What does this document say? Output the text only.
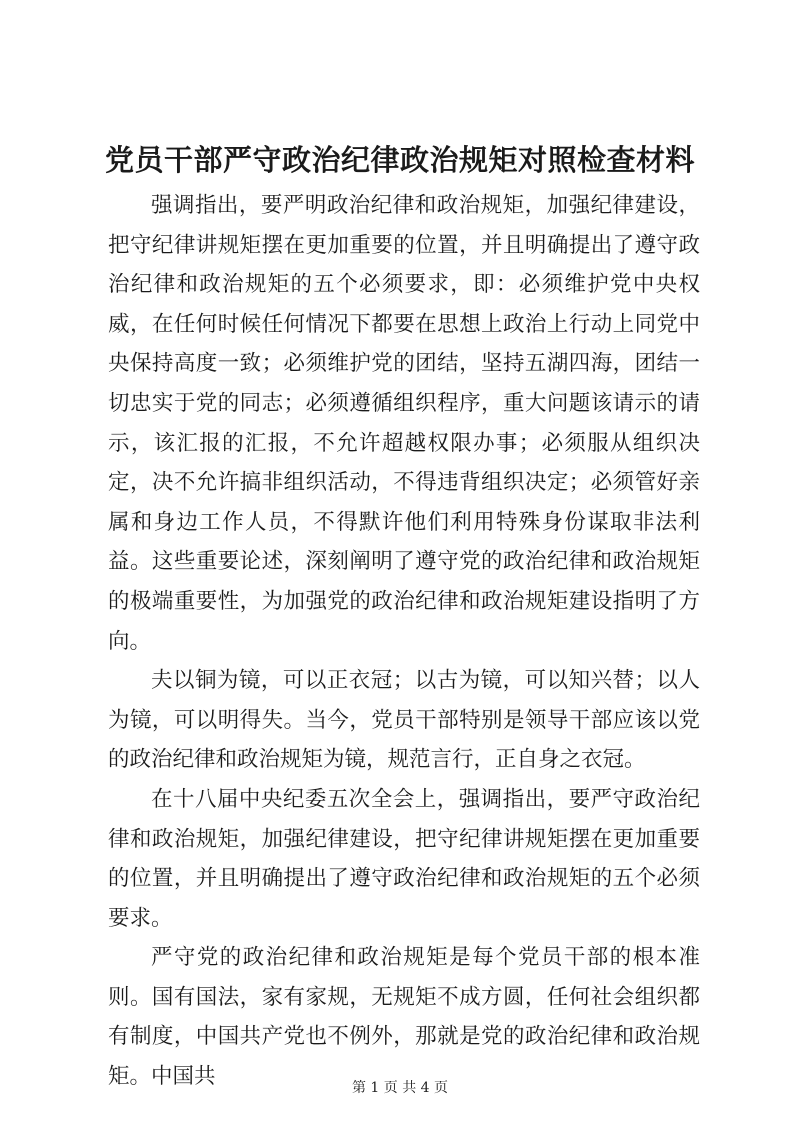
党员干部严守政治纪律政治规矩对照检查材料

强调指出，要严明政治纪律和政治规矩，加强纪律建设，把守纪律讲规矩摆在更加重要的位置，并且明确提出了遵守政治纪律和政治规矩的五个必须要求，即：必须维护党中央权威，在任何时候任何情况下都要在思想上政治上行动上同党中央保持高度一致；必须维护党的团结，坚持五湖四海，团结一切忠实于党的同志；必须遵循组织程序，重大问题该请示的请示，该汇报的汇报，不允许超越权限办事；必须服从组织决定，决不允许搞非组织活动，不得违背组织决定；必须管好亲属和身边工作人员，不得默许他们利用特殊身份谋取非法利益。这些重要论述，深刻阐明了遵守党的政治纪律和政治规矩的极端重要性，为加强党的政治纪律和政治规矩建设指明了方向。

夫以铜为镜，可以正衣冠；以古为镜，可以知兴替；以人为镜，可以明得失。当今，党员干部特别是领导干部应该以党的政治纪律和政治规矩为镜，规范言行，正自身之衣冠。

在十八届中央纪委五次全会上，强调指出，要严守政治纪律和政治规矩，加强纪律建设，把守纪律讲规矩摆在更加重要的位置，并且明确提出了遵守政治纪律和政治规矩的五个必须要求。

严守党的政治纪律和政治规矩是每个党员干部的根本准则。国有国法，家有家规，无规矩不成方圆，任何社会组织都有制度，中国共产党也不例外，那就是党的政治纪律和政治规矩。中国共	第 1 页 共 4 页
